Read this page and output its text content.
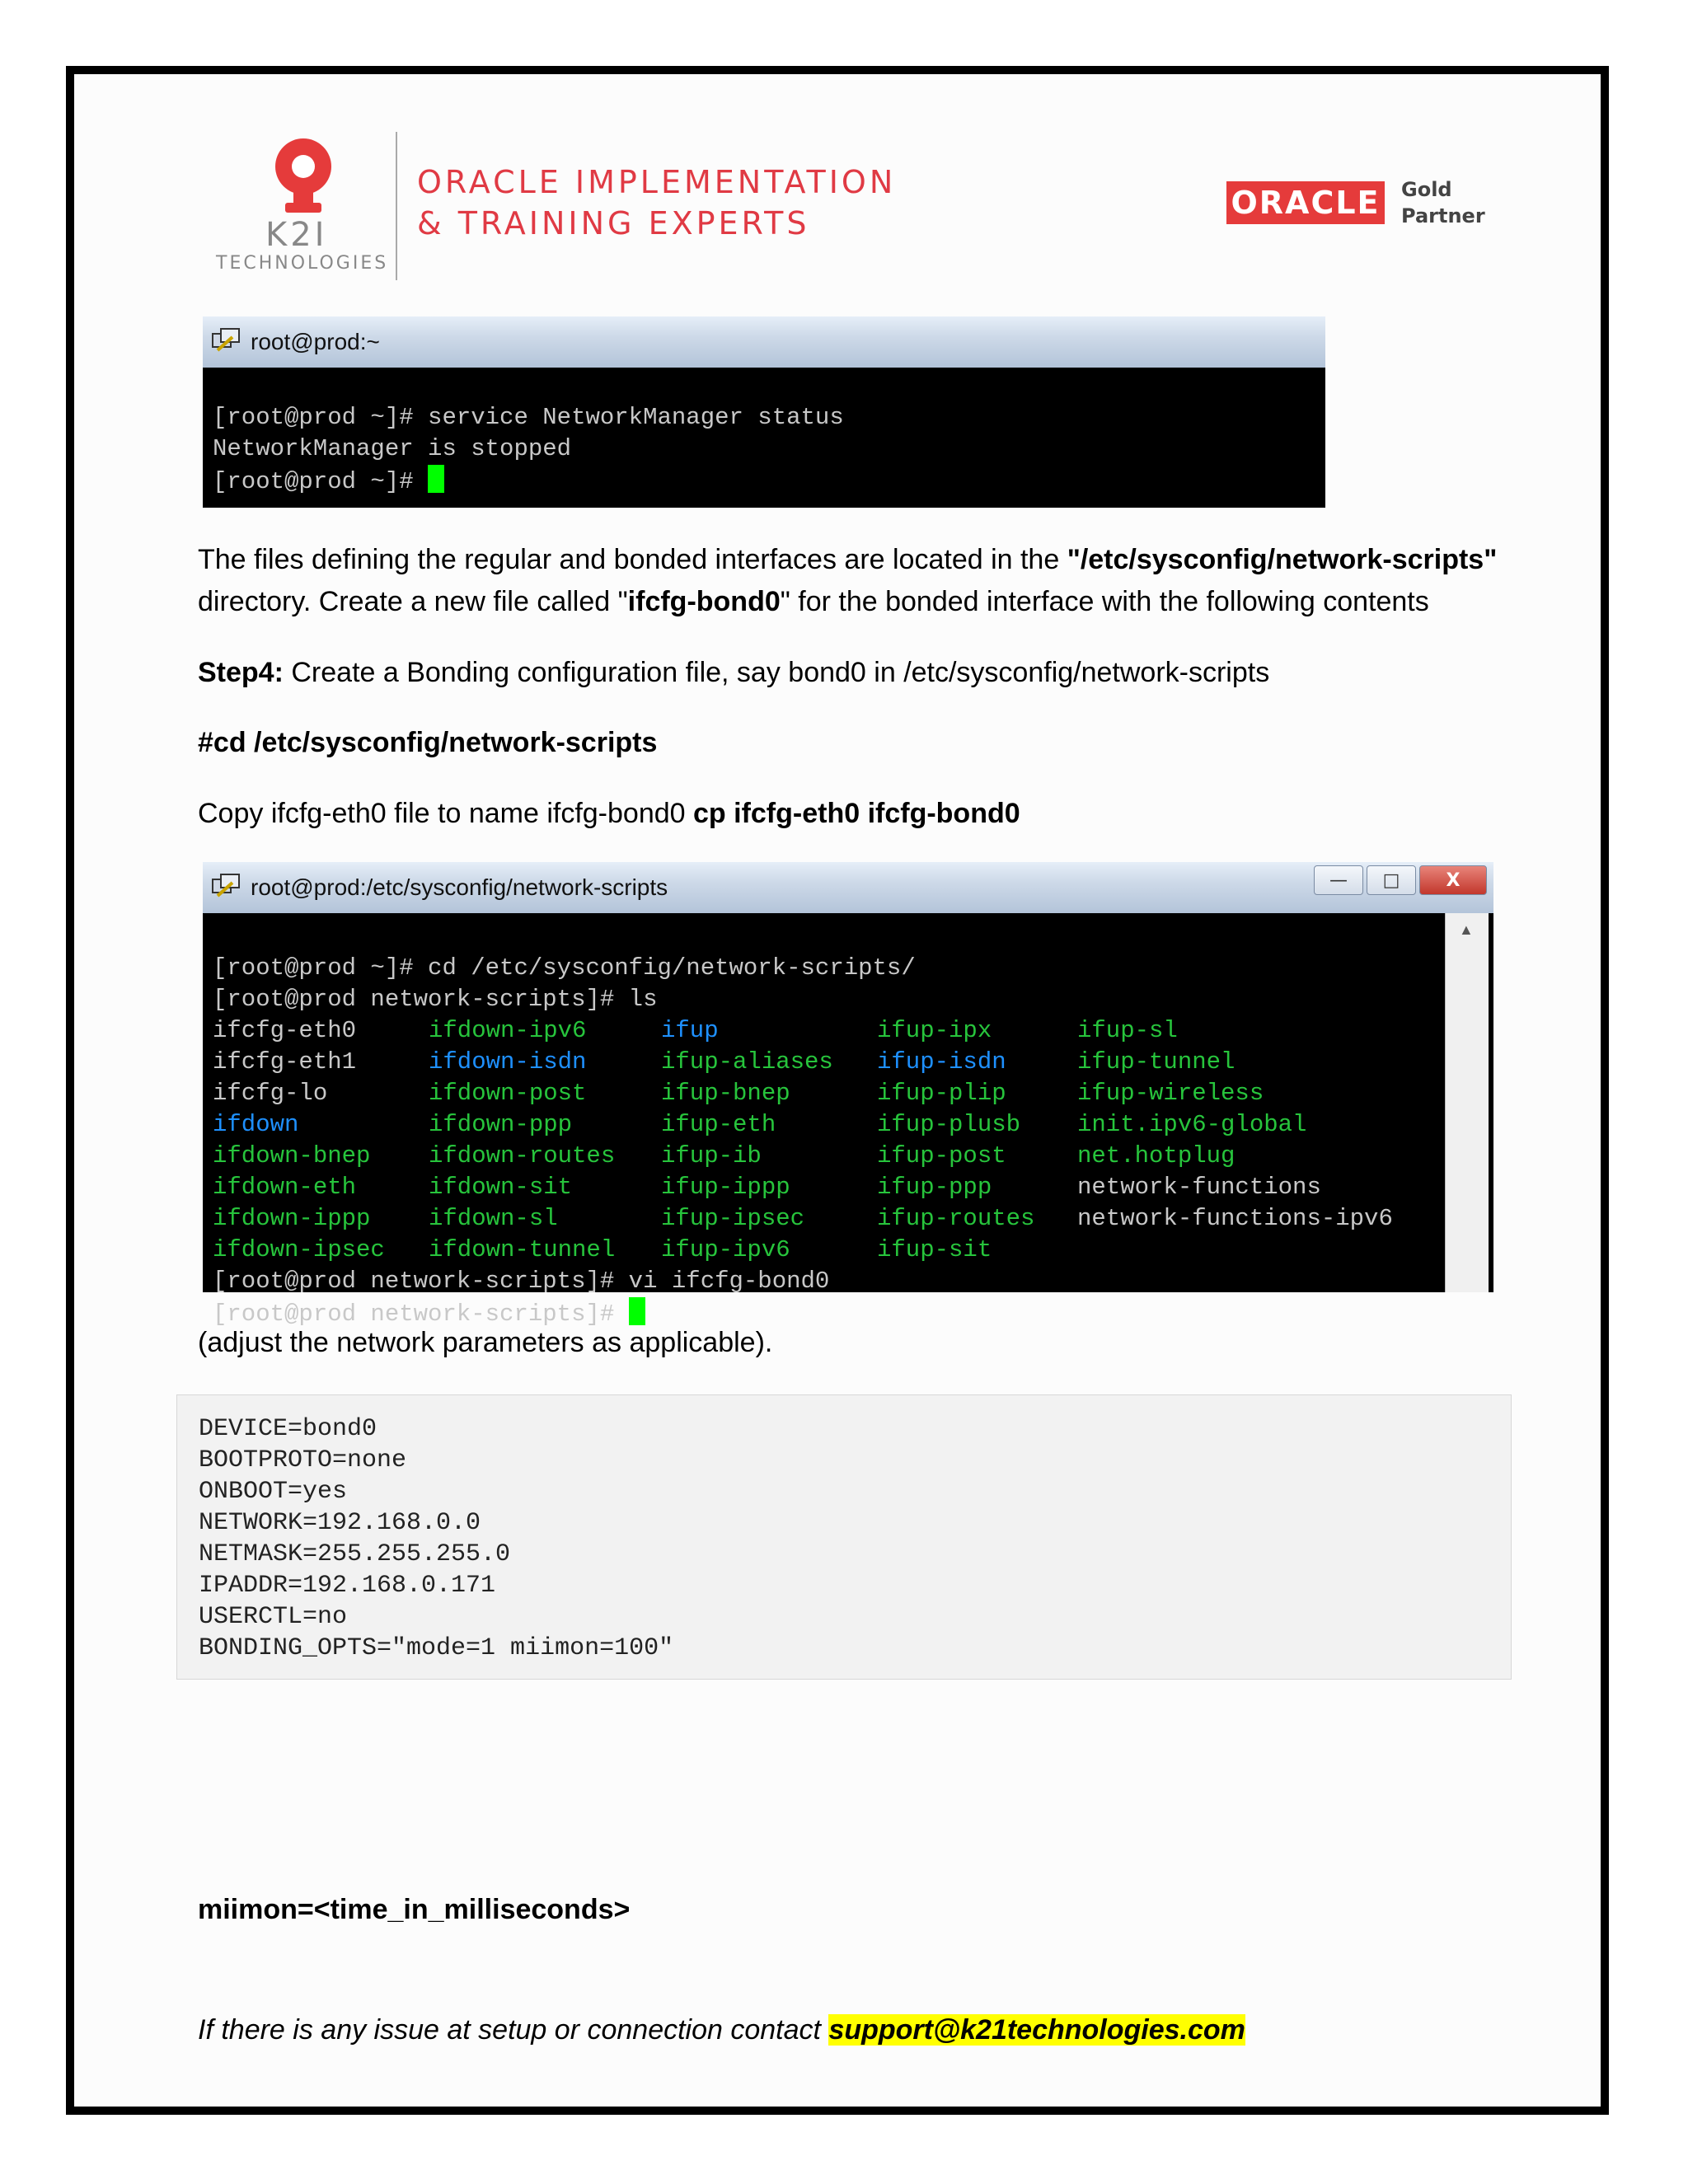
K2I
TECHNOLOGIES
ORACLE IMPLEMENTATION
& TRAINING EXPERTS
ORACLE Gold
Partner
root@prod:~

[root@prod ~]# service NetworkManager status
NetworkManager is stopped
[root@prod ~]#
The files defining the regular and bonded interfaces are located in the "/etc/sysconfig/network-scripts" directory. Create a new file called "ifcfg-bond0" for the bonded interface with the following contents
Step4: Create a Bonding configuration file, say bond0 in /etc/sysconfig/network-scripts
#cd /etc/sysconfig/network-scripts
Copy ifcfg-eth0 file to name ifcfg-bond0 cp ifcfg-eth0 ifcfg-bond0
root@prod:/etc/sysconfig/network-scripts	—	□	X

[root@prod ~]# cd /etc/sysconfig/network-scripts/
[root@prod network-scripts]# ls
ifcfg-eth0	ifdown-ipv6	ifup	ifup-ipx	ifup-sl
ifcfg-eth1	ifdown-isdn	ifup-aliases	ifup-isdn	ifup-tunnel
ifcfg-lo	ifdown-post	ifup-bnep	ifup-plip	ifup-wireless
ifdown	ifdown-ppp	ifup-eth	ifup-plusb	init.ipv6-global
ifdown-bnep	ifdown-routes	ifup-ib	ifup-post	net.hotplug
ifdown-eth	ifdown-sit	ifup-ippp	ifup-ppp	network-functions
ifdown-ippp	ifdown-sl	ifup-ipsec	ifup-routes	network-functions-ipv6
ifdown-ipsec	ifdown-tunnel	ifup-ipv6	ifup-sit
[root@prod network-scripts]# vi ifcfg-bond0
[root@prod network-scripts]#
▲
(adjust the network parameters as applicable).
DEVICE=bond0
BOOTPROTO=none
ONBOOT=yes
NETWORK=192.168.0.0
NETMASK=255.255.255.0
IPADDR=192.168.0.171
USERCTL=no
BONDING_OPTS="mode=1 miimon=100"
miimon=<time_in_milliseconds>
If there is any issue at setup or connection contact support@k21technologies.com
